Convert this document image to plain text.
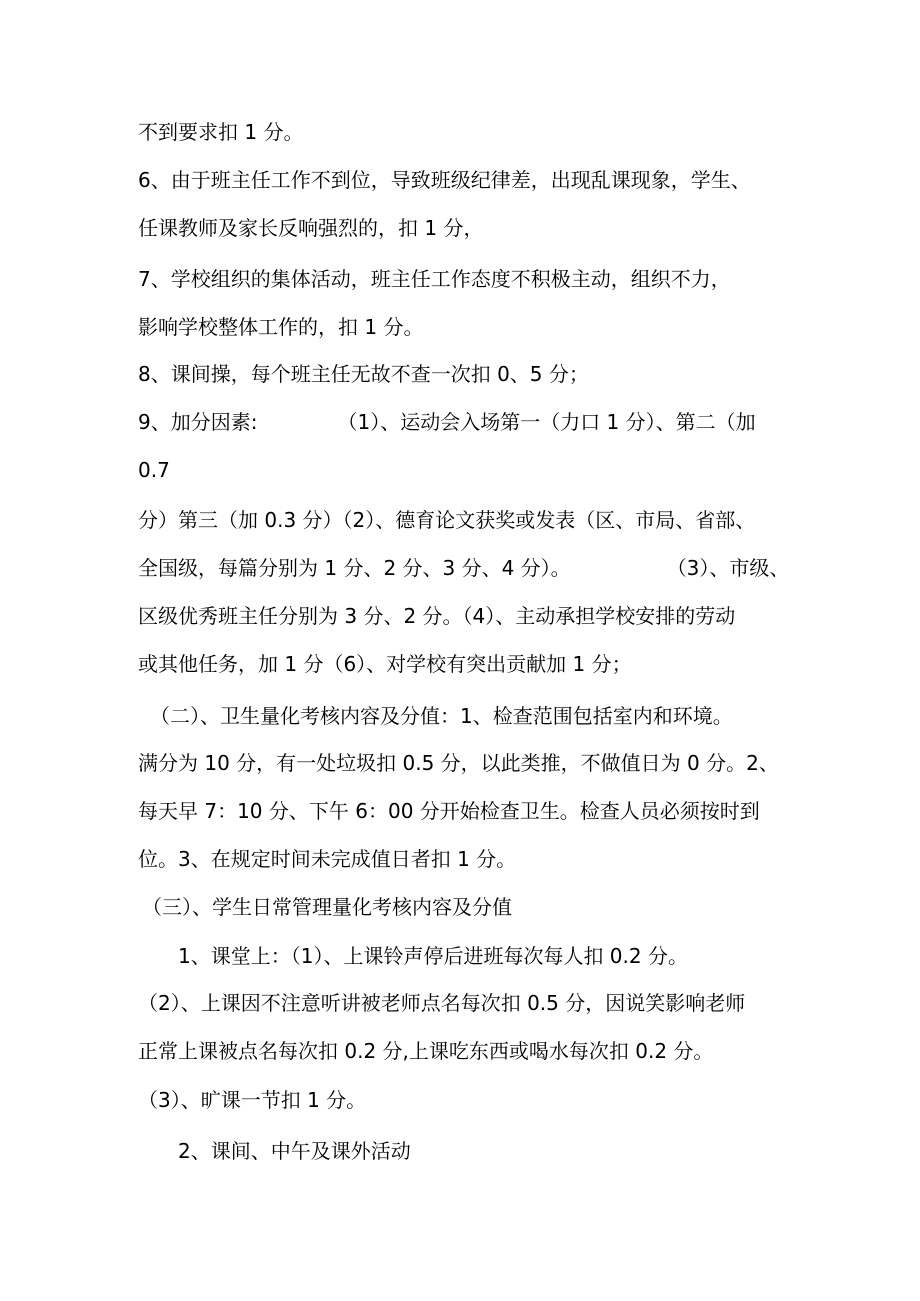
不到要求扣 1 分。

6、由于班主任工作不到位，导致班级纪律差，出现乱课现象，学生、

任课教师及家长反响强烈的，扣 1 分，

7、学校组织的集体活动，班主任工作态度不积极主动，组织不力，

影响学校整体工作的，扣 1 分。

8、课间操，每个班主任无故不查一次扣 0、5 分；

9、加分因素:	（1）、运动会入场第一（力口 1 分）、第二（加

0.7

分）第三（加 0.3 分）（2）、德育论文获奖或发表（区、市局、省部、

全国级，每篇分别为 1 分、2 分、3 分、4 分）。	（3）、市级、

区级优秀班主任分别为 3 分、2 分。（4）、主动承担学校安排的劳动

或其他任务，加 1 分（6）、对学校有突出贡献加 1 分；

（二）、卫生量化考核内容及分值：1、检查范围包括室内和环境。

满分为 10 分，有一处垃圾扣 0.5 分，以此类推，不做值日为 0 分。2、

每天早 7：10 分、下午 6：00 分开始检查卫生。检查人员必须按时到

位。3、在规定时间未完成值日者扣 1 分。

（三）、学生日常管理量化考核内容及分值

1、课堂上：（1）、上课铃声停后进班每次每人扣 0.2 分。

（2）、上课因不注意听讲被老师点名每次扣 0.5 分，因说笑影响老师

正常上课被点名每次扣 0.2 分,上课吃东西或喝水每次扣 0.2 分。

（3）、旷课一节扣 1 分。

2、课间、中午及课外活动
